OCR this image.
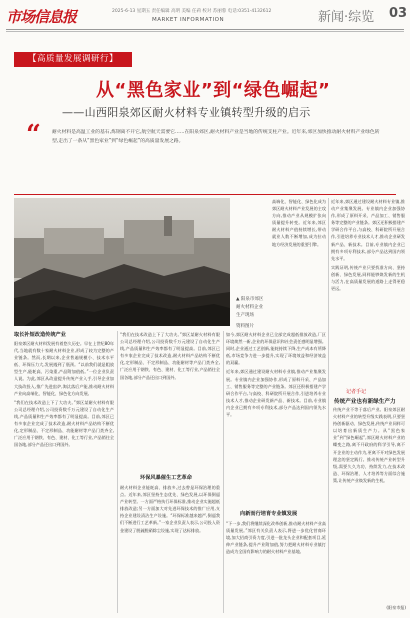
市场信息报	2025-6-13 星期五 责任编辑 高明 美编 任莉 校对 苏丽蓉 电话:0351-4132612
MARKET INFORMATION	新闻·综览 03
【高质量发展调研行】
从“黑色家业”到“绿色崛起”
——山西阳泉郊区耐火材料专业镇转型升级的启示
“ 耐火材料是高温工业的基石,炼钢离不开它,航空航天需要它……在阳泉郊区,耐火材料产业是当地的传统支柱产业。近年来,郊区加快推动耐火材料产业绿色转型,走出了一条从“黑色家业”到“绿色崛起”的高质量发展之路。
▲ 阳泉市郊区耐火材料企业生产现场
资料图片
取长补短改造传统产业
阳泉郊区耐火材料发展有着悠久历史。早在上世纪80年代,当地就有数十家耐火材料企业,形成了较为完整的产业链条。然而,长期以来,企业普遍规模小、技术水平低、环保压力大,发展遇到了瓶颈。“以前我们就是粗放型生产,能耗高、污染重,产品附加值低。”一位企业负责人说。为此,郊区从改造提升传统产业入手,引导企业加大技改投入,推广先进窑炉,淘汰落后产能,推动耐火材料产业向高端化、智能化、绿色化方向发展。
“我们在技术改造上下了大功夫。”郊区某耐火材料有限公司总经理介绍,公司投资数千万元建设了自动化生产线,产品质量和生产效率都有了明显提高。目前,郊区已有多家企业完成了技术改造,耐火材料产品结构不断优化,定形制品、不定形制品、功能耐材等产品门类齐全,广泛应用于钢铁、有色、建材、化工等行业,产品销往全国各地,部分产品还出口到国外。
“我们在技术改造上下了大功夫。”郊区某耐火材料有限公司总经理介绍,公司投资数千万元建设了自动化生产线,产品质量和生产效率都有了明显提高。目前,郊区已有多家企业完成了技术改造,耐火材料产品结构不断优化,定形制品、不定形制品、功能耐材等产品门类齐全,广泛应用于钢铁、有色、建材、化工等行业,产品销往全国各地,部分产品还出口到国外。
环保风暴催生工艺革命
耐火材料企业能耗高、排放多,过去曾是环保治理的重点。近年来,郊区坚持生态优先、绿色发展,以环保倒逼产业转型。一方面严格执行环保标准,推动企业实施超低排放改造;另一方面加大对先进环保技术的推广应用,支持企业建设清洁生产设施。“环保标准越来越严,倒逼我们不断进行工艺革新。”一家企业负责人表示,公司投入资金建设了脱硫脱硝除尘设施,实现了达标排放。
如今,郊区耐火材料企业已全部完成超低排放改造,厂区环境焕然一新,企业的环保意识和社会责任感明显增强。同时,企业通过工艺创新,能耗持续下降,生产成本有所降低,市场竞争力进一步提升,实现了环境效益和经济效益的双赢。
近年来,郊区通过建设耐火材料专业镇,推动产业集聚发展。专业镇内企业加强协作,形成了原料开采、产品加工、销售服务等完整的产业链条。郊区还积极搭建产学研合作平台,与高校、科研院所开展合作,引进培养专业技术人才,推动企业研发新产品、新技术。目前,专业镇内企业已拥有多项专利技术,部分产品达到国内领先水平。
向新而行培育专业镇发展
“下一步,我们将继续深化改革创新,推动耐火材料产业高质量发展。”郊区有关负责人表示,将进一步优化营商环境,加大招商引资力度,引进一批龙头企业和配套项目,延伸产业链条,提升产业附加值,努力把耐火材料专业镇打造成为全国有影响力的耐火材料产业基地。
高端化、智能化、绿色化成为郊区耐火材料产业发展的主攻方向,推动产业从规模扩张向质量提升转变。近年来,郊区耐火材料产值持续增长,带动就业人数不断增加,成为拉动地方经济发展的重要引擎。
近年来,郊区通过建设耐火材料专业镇,推动产业集聚发展。专业镇内企业加强协作,形成了原料开采、产品加工、销售服务等完整的产业链条。郊区还积极搭建产学研合作平台,与高校、科研院所开展合作,引进培养专业技术人才,推动企业研发新产品、新技术。目前,专业镇内企业已拥有多项专利技术,部分产品达到国内领先水平。
实践证明,传统产业只要找准方向、坚持创新、绿色发展,同样能够焕发新的生机与活力,在高质量发展的道路上走得更稳更远。
记者手记
传统产业也有新绿生产力
传统产业不等于落后产业。阳泉郊区耐火材料产业的转型升级实践表明,只要坚持创新驱动、绿色发展,传统产业同样可以培育出新质生产力。从“黑色家业”到“绿色崛起”,郊区耐火材料产业的蝶变之路,离不开政府的科学引导,离不开企业的主动作为,更离不开对绿色发展理念的坚定践行。推动传统产业转型升级,需要久久为功、持续发力,在技术改造、环保治理、人才培养等方面综合施策,让传统产业焕发新的生机。
(阳泉市报)
